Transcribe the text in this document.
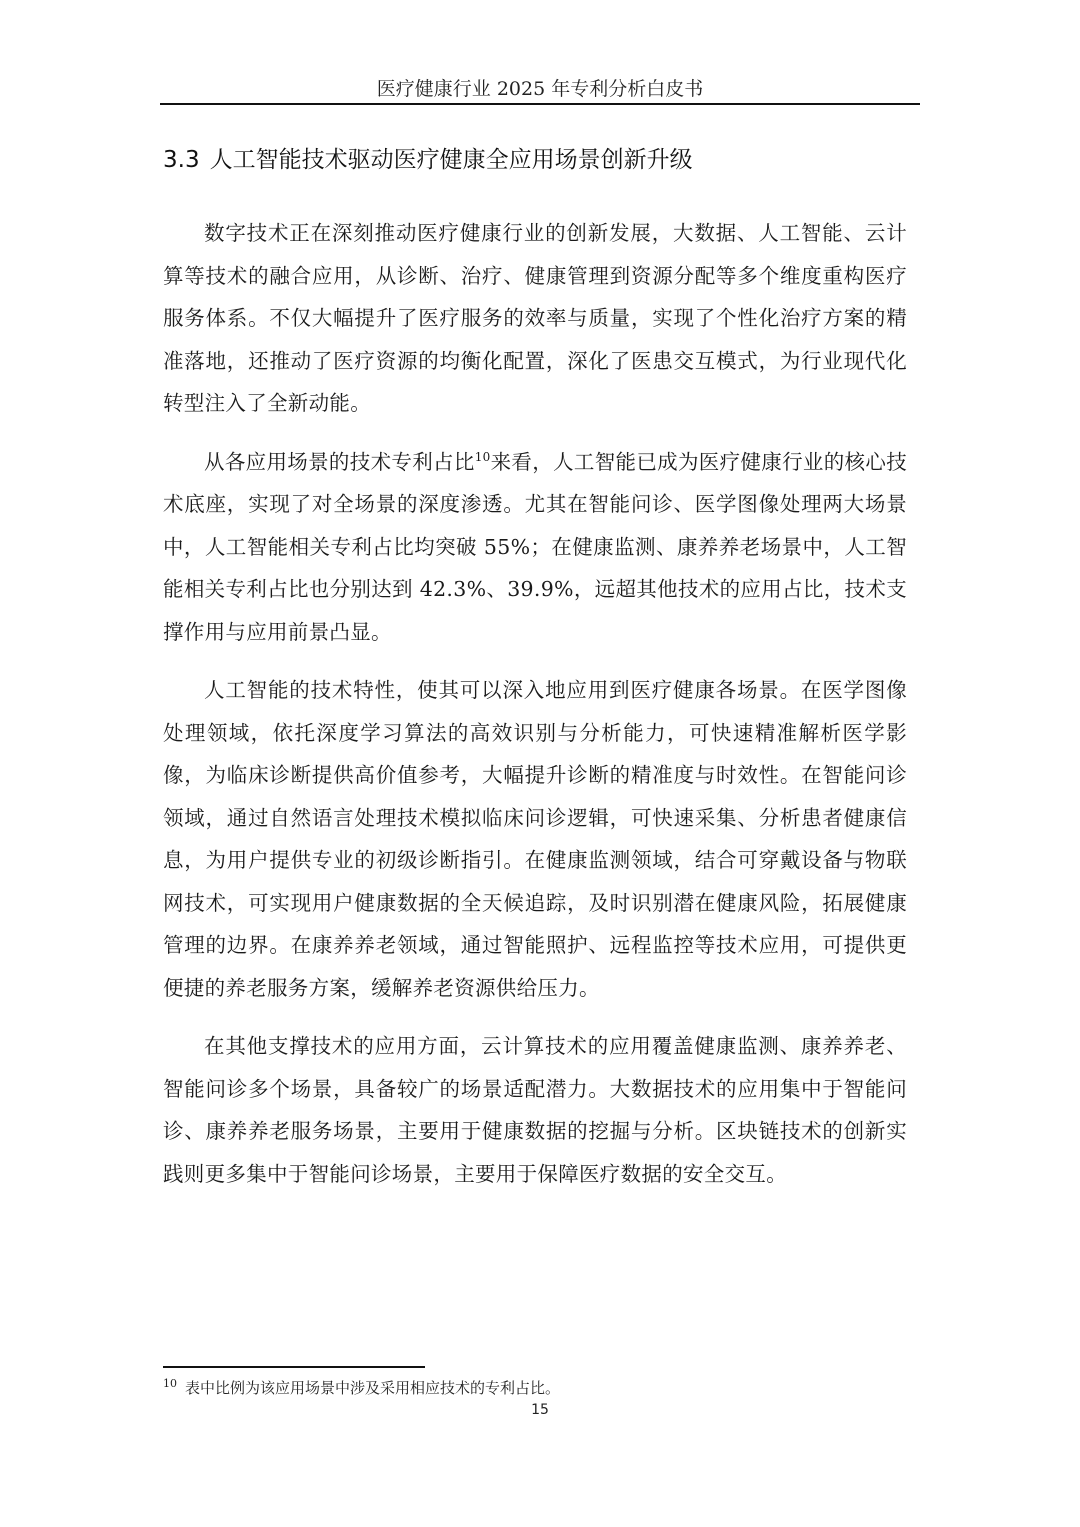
医疗健康行业 2025 年专利分析白皮书
3.3 人工智能技术驱动医疗健康全应用场景创新升级

数字技术正在深刻推动医疗健康行业的创新发展，大数据、人工智能、云计算等技术的融合应用，从诊断、治疗、健康管理到资源分配等多个维度重构医疗服务体系。不仅大幅提升了医疗服务的效率与质量，实现了个性化治疗方案的精准落地，还推动了医疗资源的均衡化配置，深化了医患交互模式，为行业现代化转型注入了全新动能。

从各应用场景的技术专利占比$^{10}$来看，人工智能已成为医疗健康行业的核心技术底座，实现了对全场景的深度渗透。尤其在智能问诊、医学图像处理两大场景中，人工智能相关专利占比均突破 55%；在健康监测、康养养老场景中，人工智能相关专利占比也分别达到 42.3%、39.9%，远超其他技术的应用占比，技术支撑作用与应用前景凸显。

人工智能的技术特性，使其可以深入地应用到医疗健康各场景。在医学图像处理领域，依托深度学习算法的高效识别与分析能力，可快速精准解析医学影像，为临床诊断提供高价值参考，大幅提升诊断的精准度与时效性。在智能问诊领域，通过自然语言处理技术模拟临床问诊逻辑，可快速采集、分析患者健康信息，为用户提供专业的初级诊断指引。在健康监测领域，结合可穿戴设备与物联网技术，可实现用户健康数据的全天候追踪，及时识别潜在健康风险，拓展健康管理的边界。在康养养老领域，通过智能照护、远程监控等技术应用，可提供更便捷的养老服务方案，缓解养老资源供给压力。

在其他支撑技术的应用方面，云计算技术的应用覆盖健康监测、康养养老、智能问诊多个场景，具备较广的场景适配潜力。大数据技术的应用集中于智能问诊、康养养老服务场景，主要用于健康数据的挖掘与分析。区块链技术的创新实践则更多集中于智能问诊场景，主要用于保障医疗数据的安全交互。

$^{10}$ 表中比例为该应用场景中涉及采用相应技术的专利占比。
15
